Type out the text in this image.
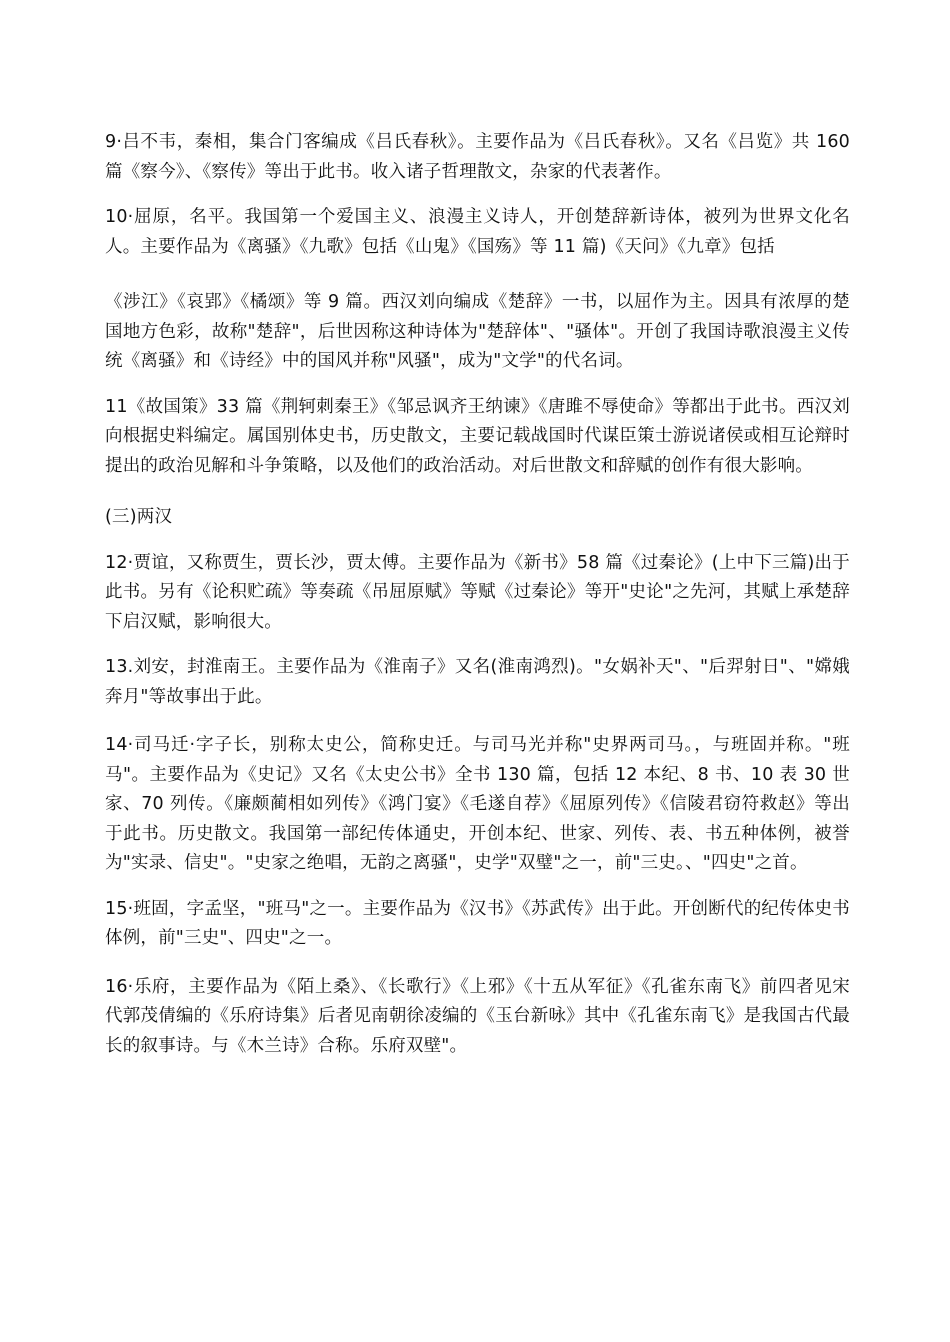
9·吕不韦，秦相，集合门客编成《吕氏春秋》。主要作品为《吕氏春秋》。又名《吕览》共 160 篇《察今》、《察传》等出于此书。收入诸子哲理散文，杂家的代表著作。

10·屈原，名平。我国第一个爱国主义、浪漫主义诗人，开创楚辞新诗体，被列为世界文化名人。主要作品为《离骚》《九歌》包括《山鬼》《国殇》等 11 篇)《天问》《九章》包括

《涉江》《哀郢》《橘颂》等 9 篇。西汉刘向编成《楚辞》一书，以屈作为主。因具有浓厚的楚国地方色彩，故称"楚辞"，后世因称这种诗体为"楚辞体"、"骚体"。开创了我国诗歌浪漫主义传统《离骚》和《诗经》中的国风并称"风骚"，成为"文学"的代名词。

11《故国策》33 篇《荆轲刺秦王》《邹忌讽齐王纳谏》《唐雎不辱使命》等都出于此书。西汉刘向根据史料编定。属国别体史书，历史散文，主要记载战国时代谋臣策士游说诸侯或相互论辩时提出的政治见解和斗争策略，以及他们的政治活动。对后世散文和辞赋的创作有很大影响。

(三)两汉

12·贾谊，又称贾生，贾长沙，贾太傅。主要作品为《新书》58 篇《过秦论》(上中下三篇)出于此书。另有《论积贮疏》等奏疏《吊屈原赋》等赋《过秦论》等开"史论"之先河，其赋上承楚辞下启汉赋，影响很大。

13.刘安，封淮南王。主要作品为《淮南子》又名(淮南鸿烈)。"女娲补天"、"后羿射日"、"嫦娥奔月"等故事出于此。

14·司马迁·字子长，别称太史公，简称史迁。与司马光并称"史界两司马。，与班固并称。"班马"。主要作品为《史记》又名《太史公书》全书 130 篇，包括 12 本纪、8 书、10 表 30 世家、70 列传。《廉颇蔺相如列传》《鸿门宴》《毛遂自荐》《屈原列传》《信陵君窃符救赵》等出于此书。历史散文。我国第一部纪传体通史，开创本纪、世家、列传、表、书五种体例，被誉为"实录、信史"。"史家之绝唱，无韵之离骚"，史学"双璧"之一，前"三史。、"四史"之首。

15·班固，字孟坚，"班马"之一。主要作品为《汉书》《苏武传》出于此。开创断代的纪传体史书体例，前"三史"、四史"之一。

16·乐府，主要作品为《陌上桑》、《长歌行》《上邪》《十五从军征》《孔雀东南飞》前四者见宋代郭茂倩编的《乐府诗集》后者见南朝徐凌编的《玉台新咏》其中《孔雀东南飞》是我国古代最长的叙事诗。与《木兰诗》合称。乐府双壁"。
